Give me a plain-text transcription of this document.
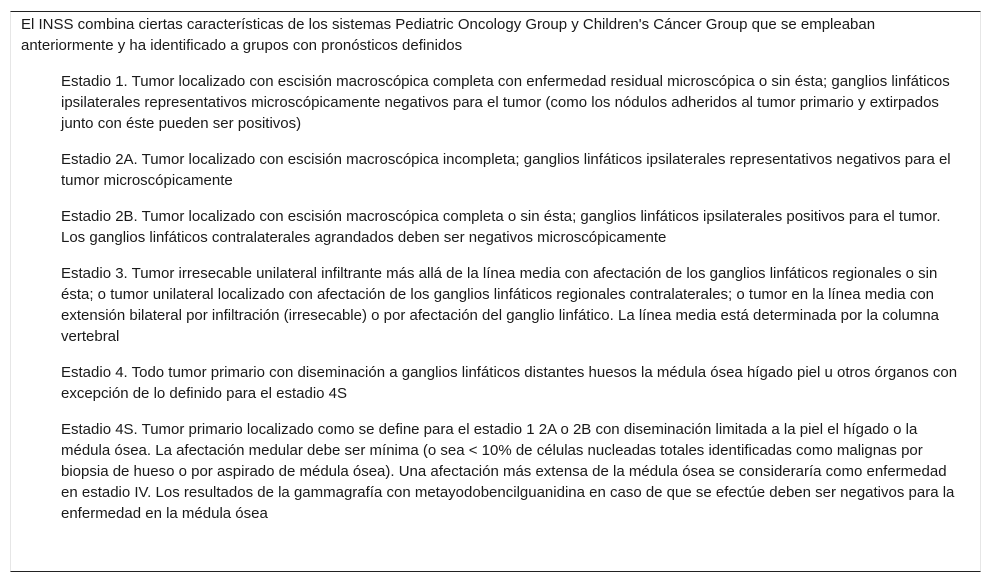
El INSS combina ciertas características de los sistemas Pediatric Oncology Group y Children's Cáncer Group que se empleaban anteriormente y ha identificado a grupos con pronósticos definidos

Estadio 1. Tumor localizado con escisión macroscópica completa con enfermedad residual microscópica o sin ésta; ganglios linfáticos ipsilaterales representativos microscópicamente negativos para el tumor (como los nódulos adheridos al tumor primario y extirpados junto con éste pueden ser positivos)

Estadio 2A. Tumor localizado con escisión macroscópica incompleta; ganglios linfáticos ipsilaterales representativos negativos para el tumor microscópicamente

Estadio 2B. Tumor localizado con escisión macroscópica completa o sin ésta; ganglios linfáticos ipsilaterales positivos para el tumor. Los ganglios linfáticos contralaterales agrandados deben ser negativos microscópicamente

Estadio 3. Tumor irresecable unilateral infiltrante más allá de la línea media con afectación de los ganglios linfáticos regionales o sin ésta; o tumor unilateral localizado con afectación de los ganglios linfáticos regionales contralaterales; o tumor en la línea media con extensión bilateral por infiltración (irresecable) o por afectación del ganglio linfático. La línea media está determinada por la columna vertebral

Estadio 4. Todo tumor primario con diseminación a ganglios linfáticos distantes huesos la médula ósea hígado piel u otros órganos con excepción de lo definido para el estadio 4S

Estadio 4S. Tumor primario localizado como se define para el estadio 1 2A o 2B con diseminación limitada a la piel el hígado o la médula ósea. La afectación medular debe ser mínima (o sea < 10% de células nucleadas totales identificadas como malignas por biopsia de hueso o por aspirado de médula ósea). Una afectación más extensa de la médula ósea se consideraría como enfermedad en estadio IV. Los resultados de la gammagrafía con metayodobencilguanidina en caso de que se efectúe deben ser negativos para la enfermedad en la médula ósea
